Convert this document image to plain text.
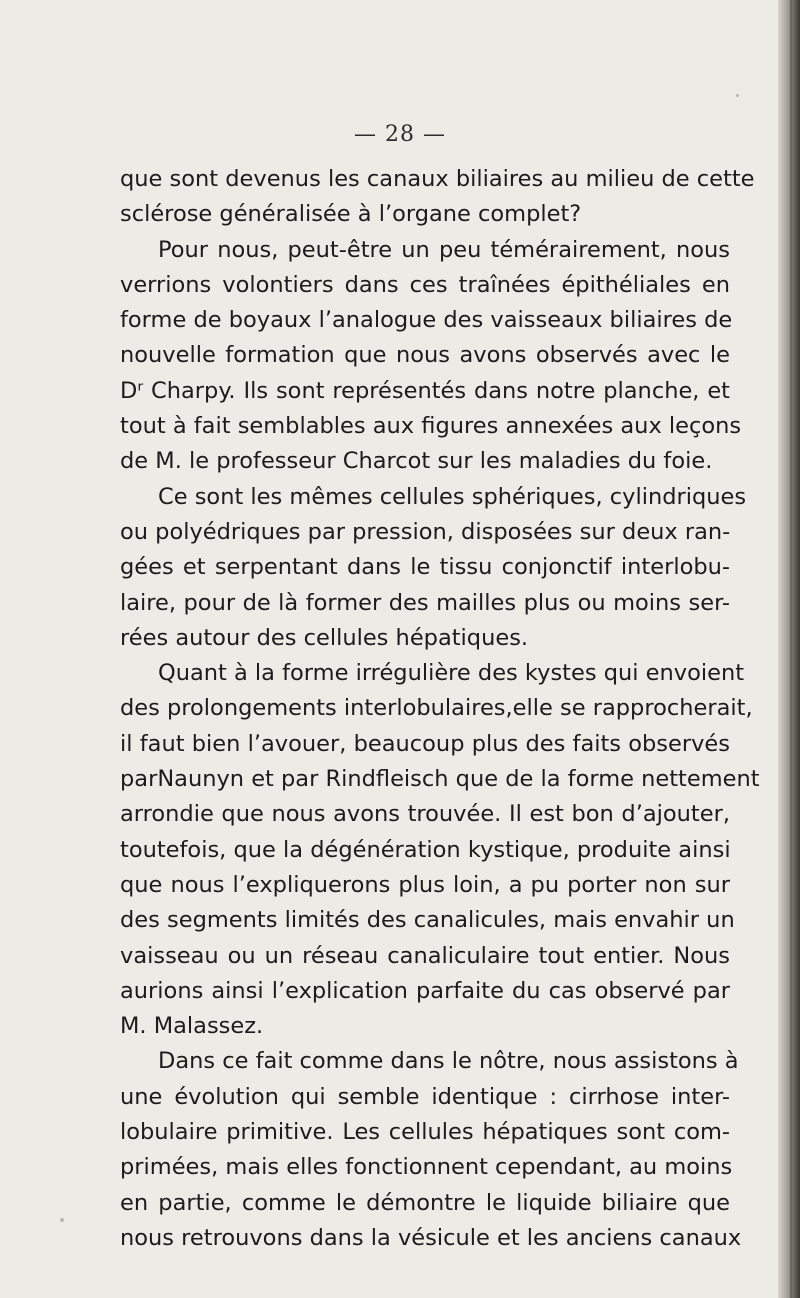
— 28 —
que sont devenus les canaux biliaires au milieu de cette
sclérose généralisée à l’organe complet?
Pour nous, peut-être un peu téméraireme​nt, nous
verrions volontiers dans ces traînées épithéliales en
forme de boyaux l’analogue des vaisseaux biliaires de
nouvelle formation que nous avons observés avec le
Dʳ Charpy. Ils sont représentés dans notre planche, et
tout à fait semblables aux figures annexées aux leçons
de M. le professeur Charcot sur les maladies du foie.
Ce sont les mêmes cellules sphériques, cylindriques
ou polyédriques par pression, disposées sur deux ran-
gées et serpentant dans le tissu conjonctif interlobu-
laire, pour de là former des mailles plus ou moins ser-
rées autour des cellules hépatiques.
Quant à la forme irrégulière des kystes qui envoient
des prolongements interlobulaires,elle se rapprocherait,
il faut bien l’avouer, beaucoup plus des faits observés
parNaunyn et par Rindfleisch que de la forme nettement
arrondie que nous avons trouvée. Il est bon d’ajouter,
toutefois, que la dégénération kystique, produite ainsi
que nous l’expliquerons plus loin, a pu porter non sur
des segments limités des canalicules, mais envahir un
vaisseau ou un réseau canaliculaire tout entier. Nous
aurions ainsi l’explication parfaite du cas observé par
M. Malassez.
Dans ce fait comme dans le nôtre, nous assistons à
une évolution qui semble identique : cirrhose inter-
lobulaire primitive. Les cellules hépatiques sont com-
primées, mais elles fonctionnent cependant, au moins
en partie, comme le démontre le liquide biliaire que
nous retrouvons dans la vésicule et les anciens canaux
